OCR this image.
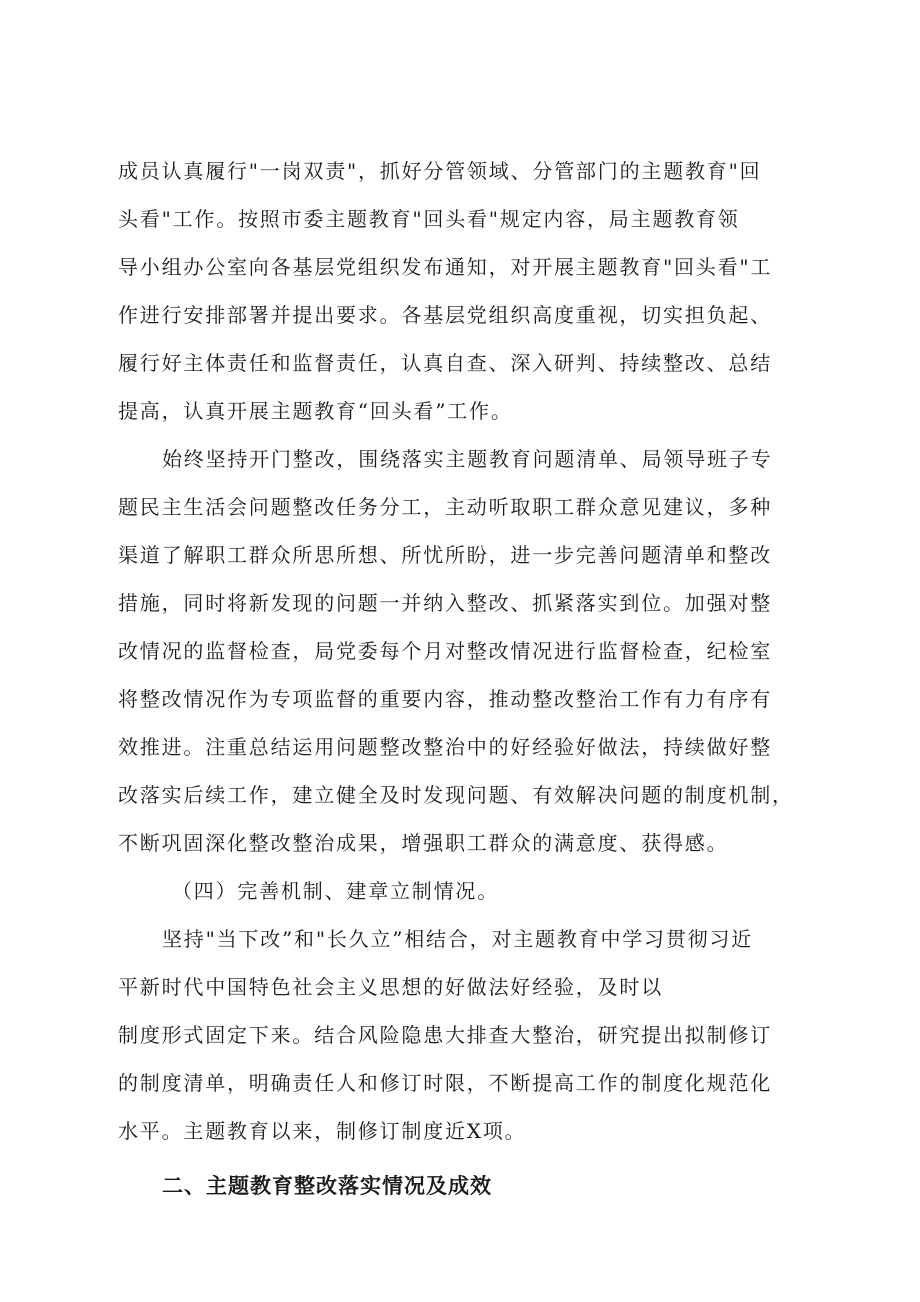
成员认真履行"一岗双责"，抓好分管领域、分管部门的主题教育"回
头看"工作。按照市委主题教育"回头看"规定内容，局主题教育领
导小组办公室向各基层党组织发布通知，对开展主题教育"回头看"工
作进行安排部署并提出要求。各基层党组织高度重视，切实担负起、
履行好主体责任和监督责任，认真自查、深入研判、持续整改、总结
提高，认真开展主题教育“回头看”工作。
始终坚持开门整改，围绕落实主题教育问题清单、局领导班子专
题民主生活会问题整改任务分工，主动听取职工群众意见建议，多种
渠道了解职工群众所思所想、所忧所盼，进一步完善问题清单和整改
措施，同时将新发现的问题一并纳入整改、抓紧落实到位。加强对整
改情况的监督检查，局党委每个月对整改情况进行监督检查，纪检室
将整改情况作为专项监督的重要内容，推动整改整治工作有力有序有
效推进。注重总结运用问题整改整治中的好经验好做法，持续做好整
改落实后续工作，建立健全及时发现问题、有效解决问题的制度机制，
不断巩固深化整改整治成果，增强职工群众的满意度、获得感。
（四）完善机制、建章立制情况。
坚持"当下改”和"长久立”相结合，对主题教育中学习贯彻习近
平新时代中国特色社会主义思想的好做法好经验，及时以
制度形式固定下来。结合风险隐患大排查大整治，研究提出拟制修订
的制度清单，明确责任人和修订时限，不断提高工作的制度化规范化
水平。主题教育以来，制修订制度近X项。
二、主题教育整改落实情况及成效
